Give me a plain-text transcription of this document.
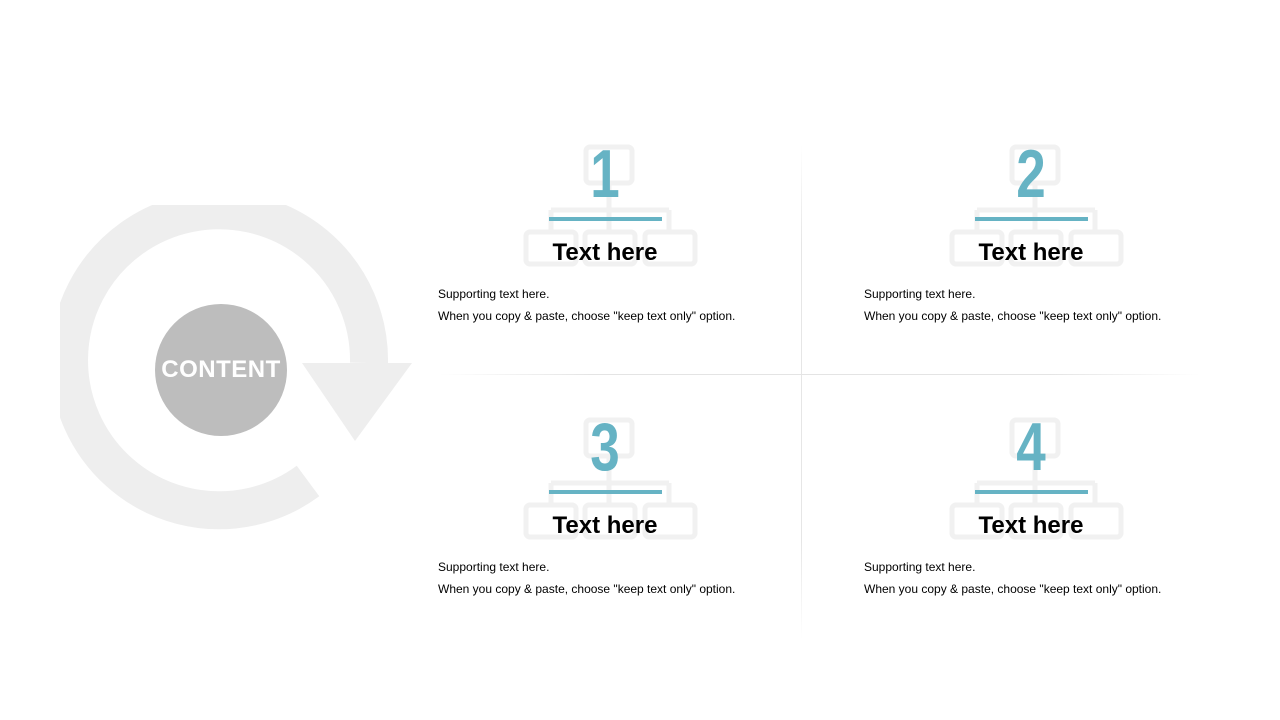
CONTENT
1
Text here
Supporting text here.
When you copy & paste, choose "keep text only" option.
2
Text here
Supporting text here.
When you copy & paste, choose "keep text only" option.
3
Text here
Supporting text here.
When you copy & paste, choose "keep text only" option.
4
Text here
Supporting text here.
When you copy & paste, choose "keep text only" option.
